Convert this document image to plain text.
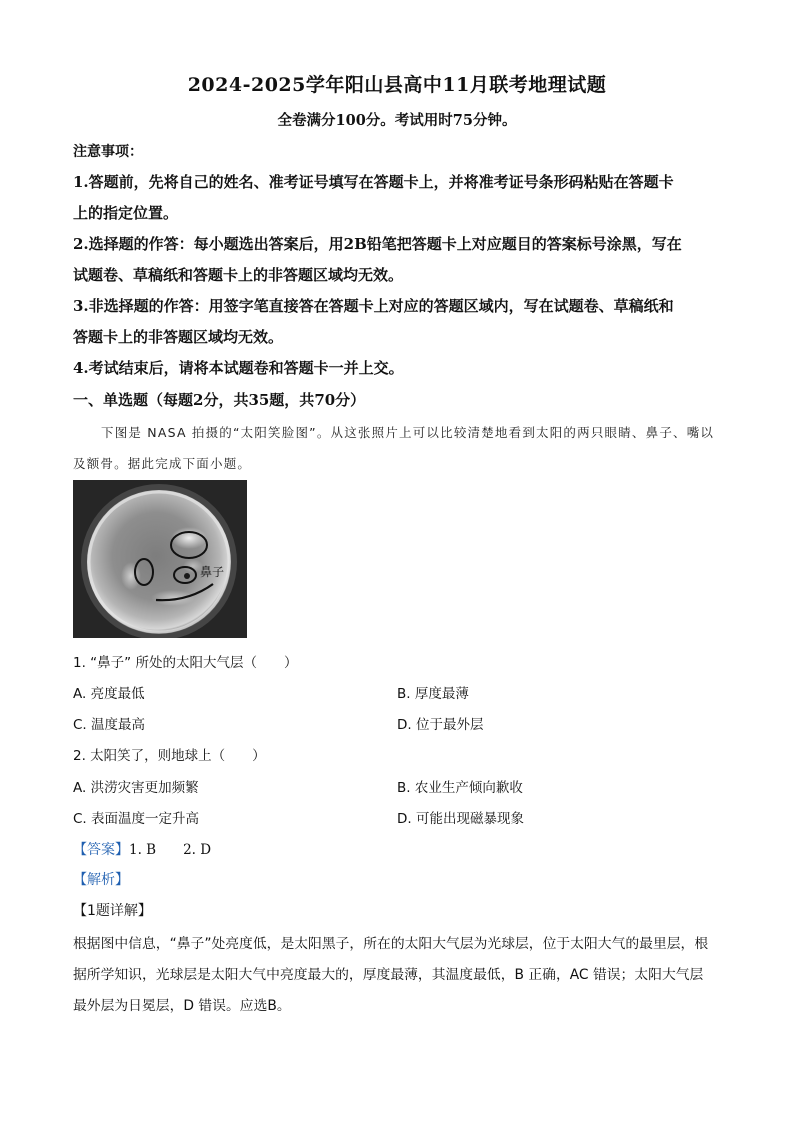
2024-2025学年阳山县高中11月联考地理试题
全卷满分100分。考试用时75分钟。
注意事项：
1.答题前，先将自己的姓名、准考证号填写在答题卡上，并将准考证号条形码粘贴在答题卡
上的指定位置。
2.选择题的作答：每小题选出答案后，用2B铅笔把答题卡上对应题目的答案标号涂黑，写在
试题卷、草稿纸和答题卡上的非答题区域均无效。
3.非选择题的作答：用签字笔直接答在答题卡上对应的答题区域内，写在试题卷、草稿纸和
答题卡上的非答题区域均无效。
4.考试结束后，请将本试题卷和答题卡一并上交。
一、单选题（每题2分，共35题，共70分）
下图是 NASA 拍摄的“太阳笑脸图”。从这张照片上可以比较清楚地看到太阳的两只眼睛、鼻子、嘴以
及额骨。据此完成下面小题。
鼻子
1. “鼻子” 所处的太阳大气层（　　）
A. 亮度最低	B. 厚度最薄
C. 温度最高	D. 位于最外层
2. 太阳笑了，则地球上（　　）
A. 洪涝灾害更加频繁	B. 农业生产倾向歉收
C. 表面温度一定升高	D. 可能出现磁暴现象
【答案】1. B　　2. D
【解析】
【1题详解】
根据图中信息，“鼻子”处亮度低，是太阳黑子，所在的太阳大气层为光球层，位于太阳大气的最里层，根
据所学知识，光球层是太阳大气中亮度最大的，厚度最薄，其温度最低，B 正确，AC 错误；太阳大气层
最外层为日冕层，D 错误。应选B。
